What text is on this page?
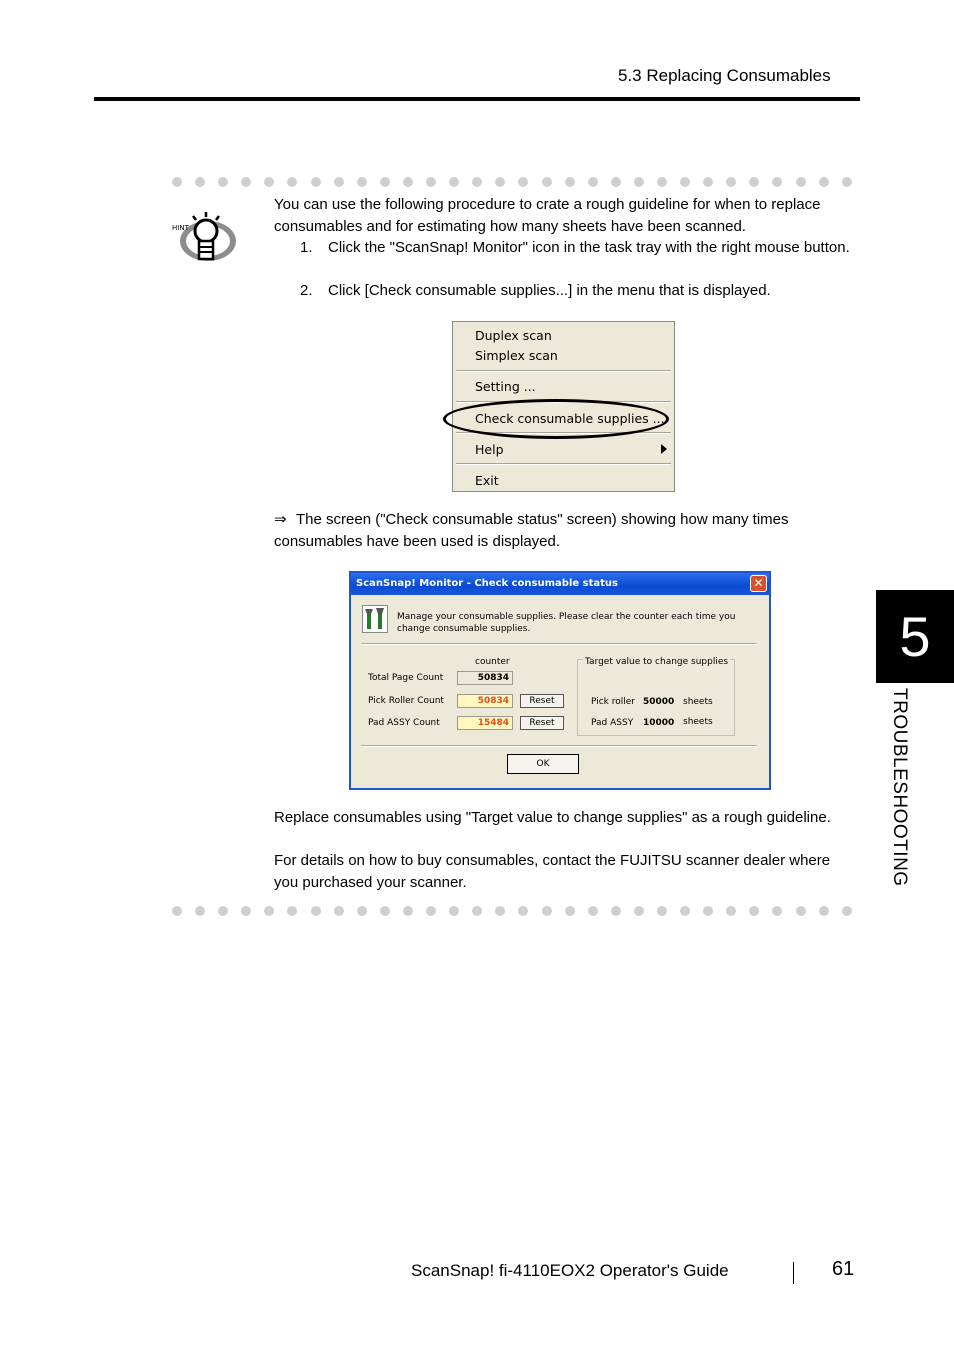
5.3 Replacing Consumables
HINT
You can use the following procedure to crate a rough guideline for when to replace consumables and for estimating how many sheets have been scanned.
1.	Click the "ScanSnap! Monitor" icon in the task tray with the right mouse button.
2.	Click [Check consumable supplies...] in the menu that is displayed.
Duplex scan
Simplex scan
Setting ...
Check consumable supplies ...
Help
Exit
⇒ The screen ("Check consumable status" screen) showing how many times consumables have been used is displayed.
ScanSnap! Monitor - Check consumable status	✕
Manage your consumable supplies. Please clear the counter each time you change consumable supplies.
counter
Total Page Count	50834
Pick Roller Count	50834	Reset
Pad ASSY Count	15484	Reset
Target value to change supplies
Pick roller 50000 sheets
Pad ASSY 10000 sheets
OK
Replace consumables using "Target value to change supplies" as a rough guideline.
For details on how to buy consumables, contact the FUJITSU scanner dealer where you purchased your scanner.
5
TROUBLESHOOTING
ScanSnap! fi-4110EOX2 Operator's Guide	61
